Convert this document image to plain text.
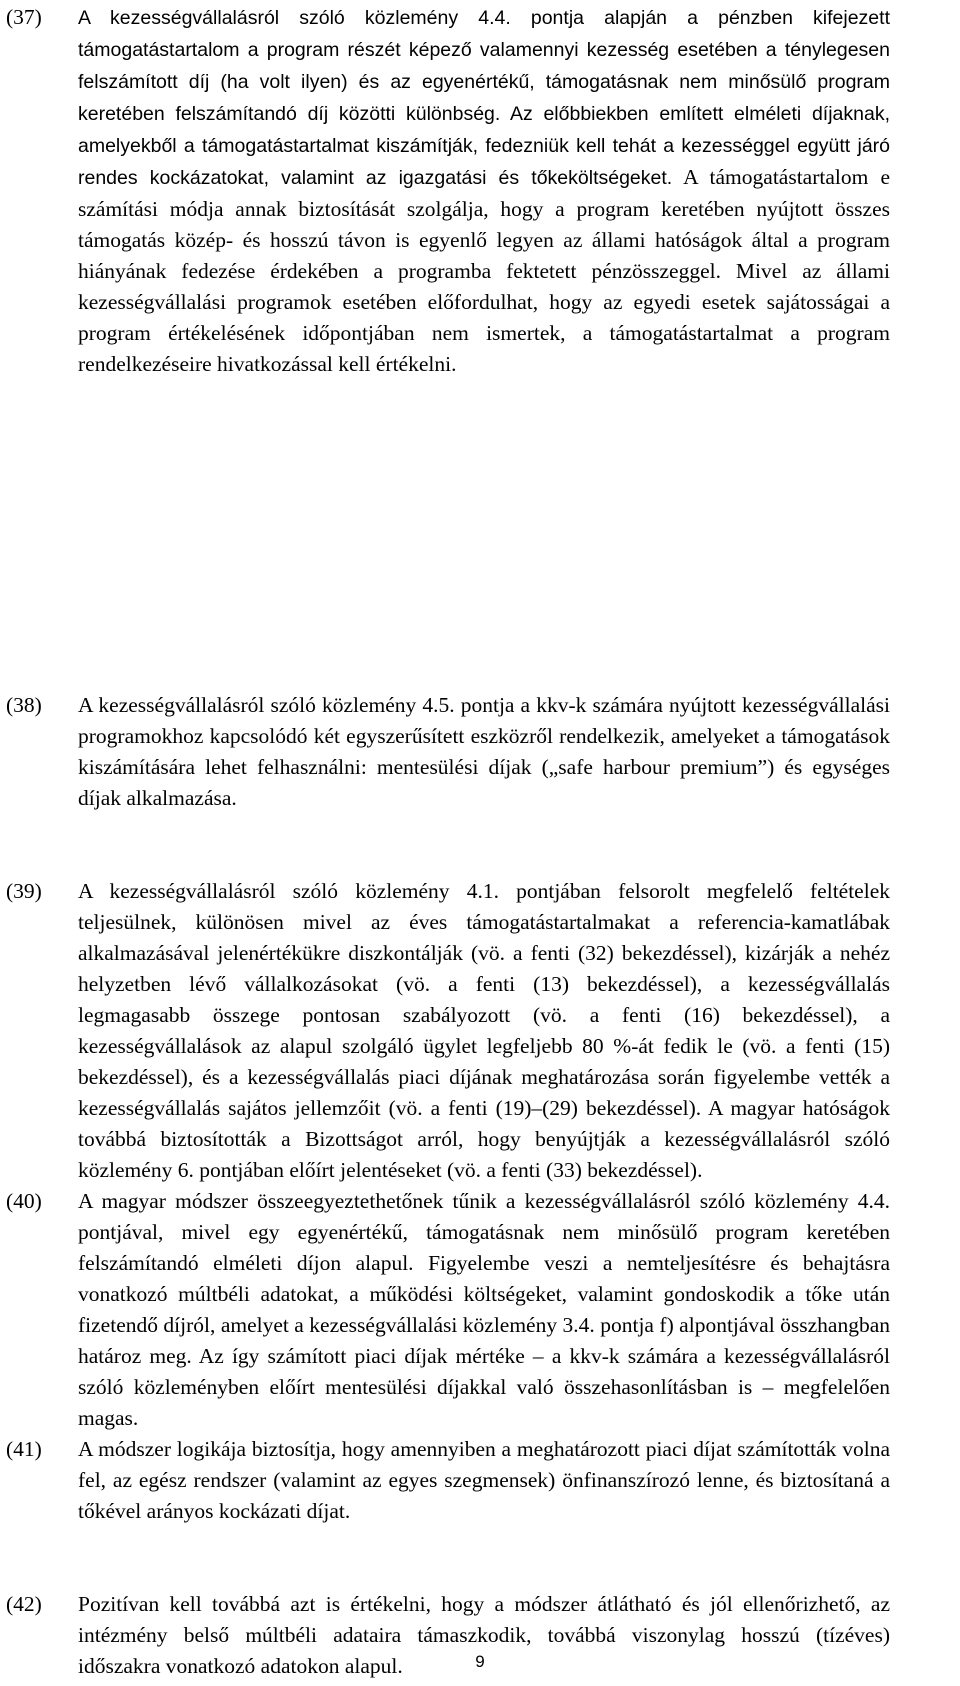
(37) A kezességvállalásról szóló közlemény 4.4. pontja alapján a pénzben kifejezett támogatástartalom a program részét képező valamennyi kezesség esetében a ténylegesen felszámított díj (ha volt ilyen) és az egyenértékű, támogatásnak nem minősülő program keretében felszámítandó díj közötti különbség. Az előbbiekben említett elméleti díjaknak, amelyekből a támogatástartalmat kiszámítják, fedezniük kell tehát a kezességgel együtt járó rendes kockázatokat, valamint az igazgatási és tőkeköltségeket. A támogatástartalom e számítási módja annak biztosítását szolgálja, hogy a program keretében nyújtott összes támogatás közép- és hosszú távon is egyenlő legyen az állami hatóságok által a program hiányának fedezése érdekében a programba fektetett pénzösszeggel. Mivel az állami kezességvállalási programok esetében előfordulhat, hogy az egyedi esetek sajátosságai a program értékelésének időpontjában nem ismertek, a támogatástartalmat a program rendelkezéseire hivatkozással kell értékelni.
(38) A kezességvállalásról szóló közlemény 4.5. pontja a kkv-k számára nyújtott kezességvállalási programokhoz kapcsolódó két egyszerűsített eszközről rendelkezik, amelyeket a támogatások kiszámítására lehet felhasználni: mentesülési díjak („safe harbour premium”) és egységes díjak alkalmazása.
(39) A kezességvállalásról szóló közlemény 4.1. pontjában felsorolt megfelelő feltételek teljesülnek, különösen mivel az éves támogatástartalmakat a referencia-kamatlábak alkalmazásával jelenértékükre diszkontálják (vö. a fenti (32) bekezdéssel), kizárják a nehéz helyzetben lévő vállalkozásokat (vö. a fenti (13) bekezdéssel), a kezességvállalás legmagasabb összege pontosan szabályozott (vö. a fenti (16) bekezdéssel), a kezességvállalások az alapul szolgáló ügylet legfeljebb 80 %-át fedik le (vö. a fenti (15) bekezdéssel), és a kezességvállalás piaci díjának meghatározása során figyelembe vették a kezességvállalás sajátos jellemzőit (vö. a fenti (19)–(29) bekezdéssel). A magyar hatóságok továbbá biztosították a Bizottságot arról, hogy benyújtják a kezességvállalásról szóló közlemény 6. pontjában előírt jelentéseket (vö. a fenti (33) bekezdéssel).
(40) A magyar módszer összeegyeztethetőnek tűnik a kezességvállalásról szóló közlemény 4.4. pontjával, mivel egy egyenértékű, támogatásnak nem minősülő program keretében felszámítandó elméleti díjon alapul. Figyelembe veszi a nemteljesítésre és behajtásra vonatkozó múltbéli adatokat, a működési költségeket, valamint gondoskodik a tőke után fizetendő díjról, amelyet a kezességvállalási közlemény 3.4. pontja f) alpontjával összhangban határoz meg. Az így számított piaci díjak mértéke – a kkv-k számára a kezességvállalásról szóló közleményben előírt mentesülési díjakkal való összehasonlításban is – megfelelően magas.
(41) A módszer logikája biztosítja, hogy amennyiben a meghatározott piaci díjat számították volna fel, az egész rendszer (valamint az egyes szegmensek) önfinanszírozó lenne, és biztosítaná a tőkével arányos kockázati díjat.
(42) Pozitívan kell továbbá azt is értékelni, hogy a módszer átlátható és jól ellenőrizhető, az intézmény belső múltbéli adataira támaszkodik, továbbá viszonylag hosszú (tízéves) időszakra vonatkozó adatokon alapul.	9
